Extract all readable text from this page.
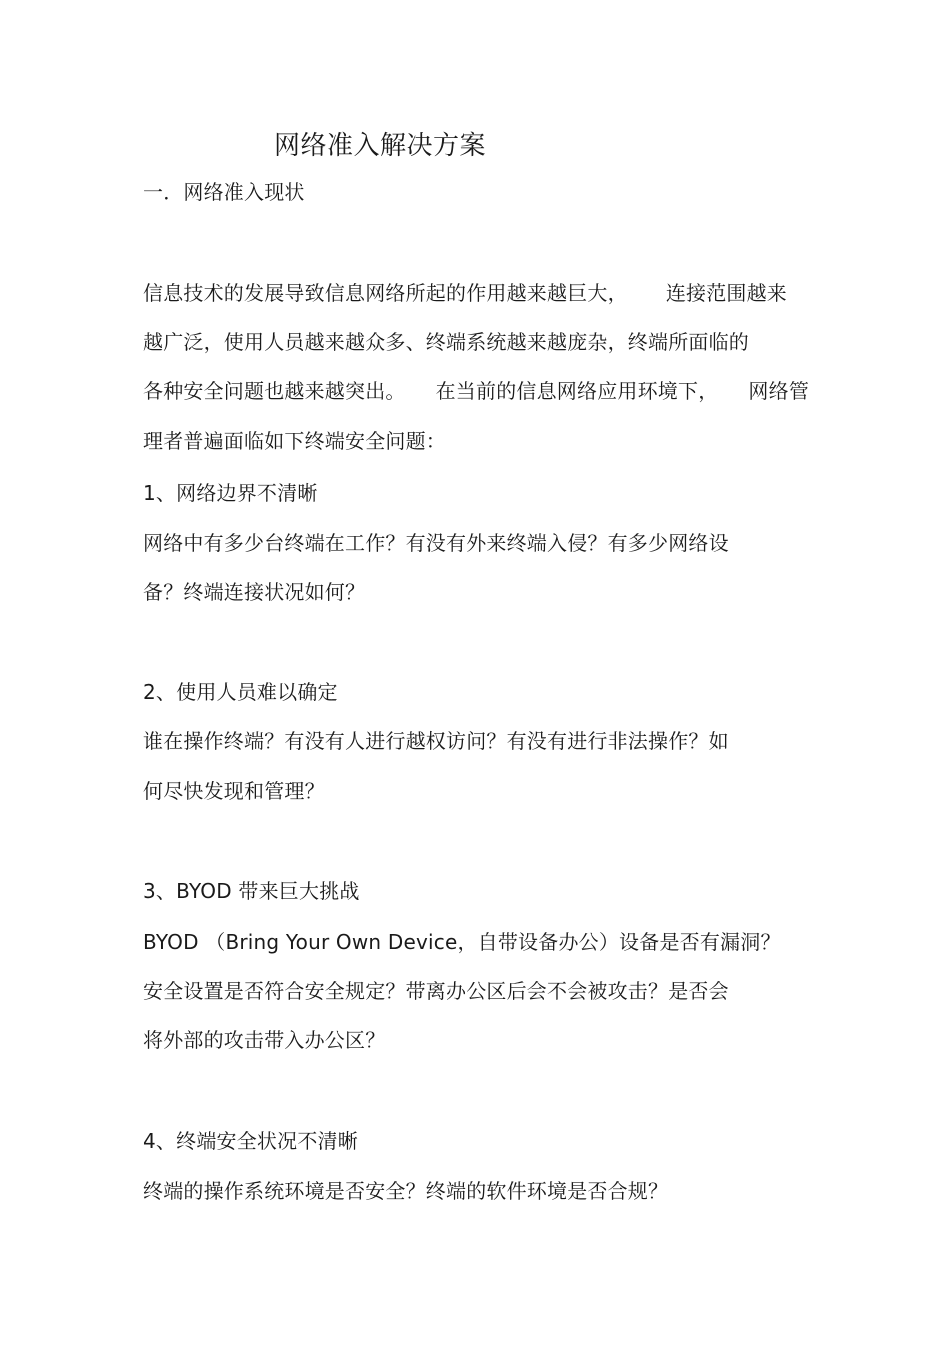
网络准入解决方案
一．网络准入现状
信息技术的发展导致信息网络所起的作用越来越巨大， 连接范围越来
越广泛，使用人员越来越众多、终端系统越来越庞杂，终端所面临的
各种安全问题也越来越突出。 在当前的信息网络应用环境下， 网络管
理者普遍面临如下终端安全问题：
1、网络边界不清晰
网络中有多少台终端在工作？有没有外来终端入侵？有多少网络设
备？终端连接状况如何？
2、使用人员难以确定
谁在操作终端？有没有人进行越权访问？有没有进行非法操作？如
何尽快发现和管理？
3、BYOD 带来巨大挑战
BYOD （Bring Your Own Device，自带设备办公）设备是否有漏洞？
安全设置是否符合安全规定？带离办公区后会不会被攻击？是否会
将外部的攻击带入办公区？
4、终端安全状况不清晰
终端的操作系统环境是否安全？终端的软件环境是否合规？
